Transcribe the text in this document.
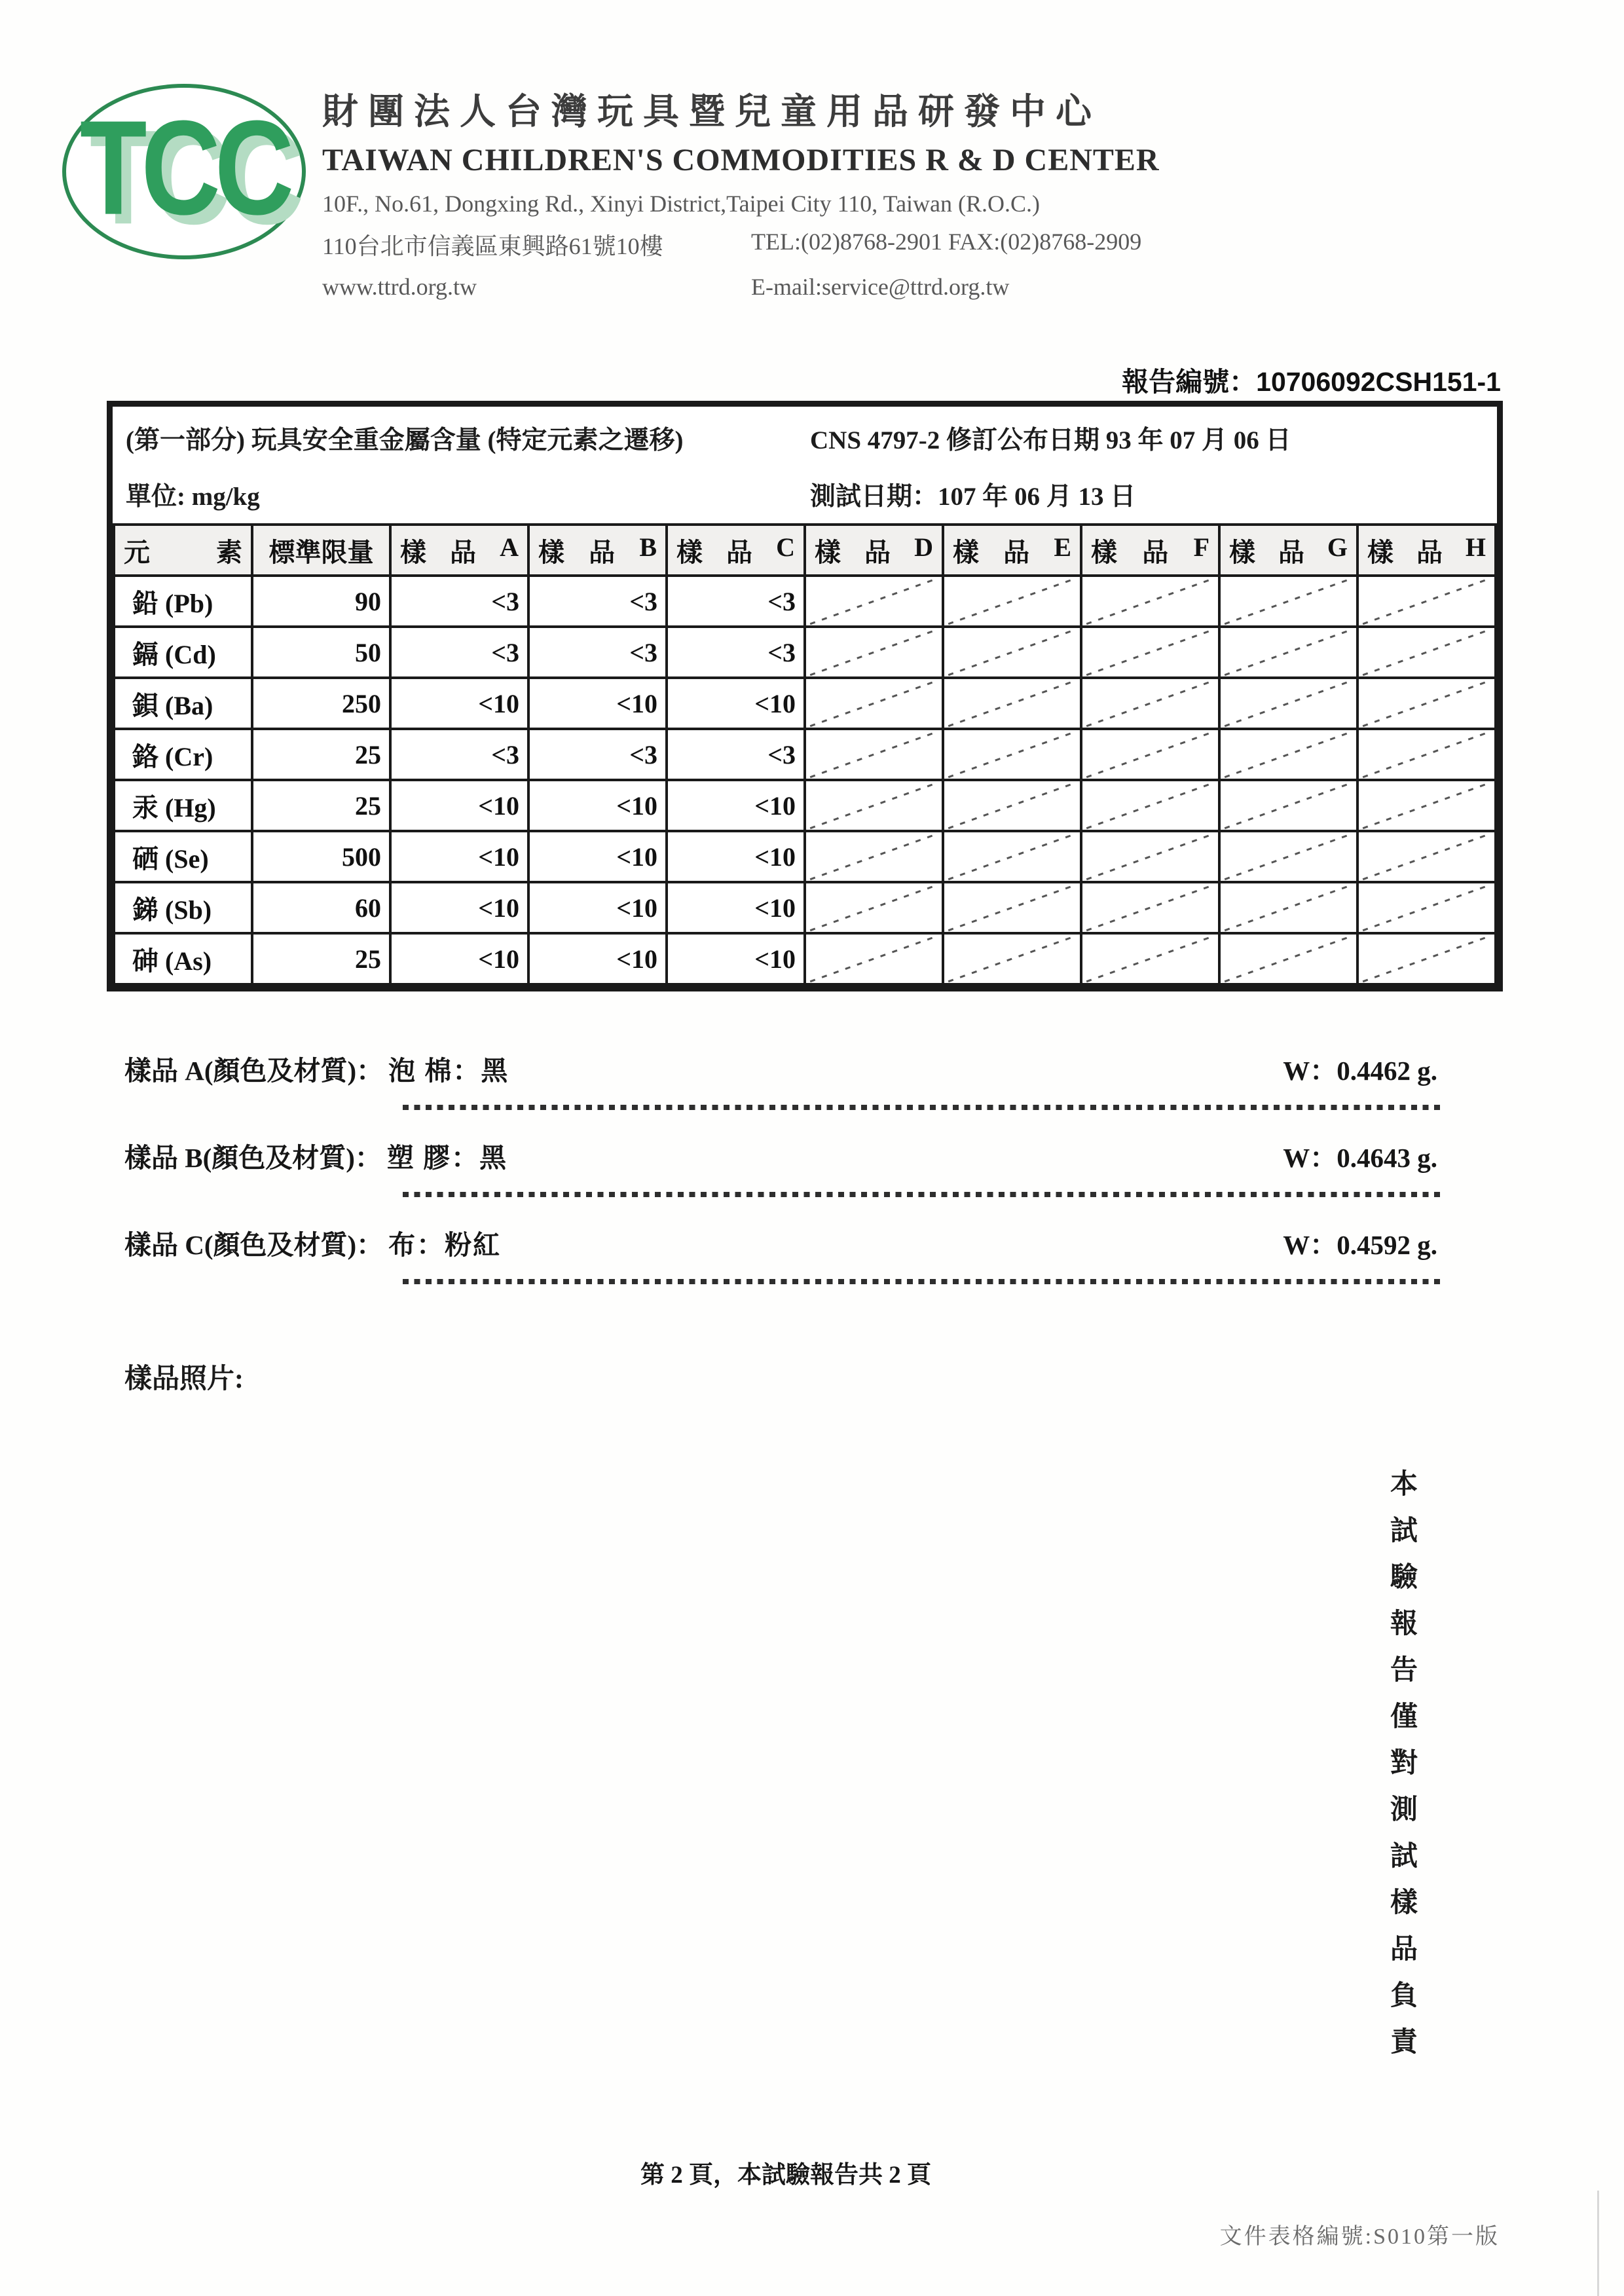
TCC 財團法人台灣玩具暨兒童用品研發中心
TAIWAN CHILDREN'S COMMODITIES R & D CENTER
10F., No.61, Dongxing Rd., Xinyi District,Taipei City 110, Taiwan (R.O.C.)
110台北市信義區東興路61號10樓	TEL:(02)8768-2901 FAX:(02)8768-2909
www.ttrd.org.tw	E-mail:service@ttrd.org.tw
報告編號：10706092CSH151-1
(第一部分) 玩具安全重金屬含量 (特定元素之遷移)	CNS 4797-2 修訂公布日期 93 年 07 月 06 日
單位: mg/kg	測試日期：107 年 06 月 13 日
元 素	標準限量	樣 品 A	樣 品 B	樣 品 C	樣 品 D	樣 品 E	樣 品 F	樣 品 G	樣 品 H

鉛 (Pb)	90	<3	<3	<3	

鎘 (Cd)	50	<3	<3	<3	

鋇 (Ba)	250	<10	<10	<10	

鉻 (Cr)	25	<3	<3	<3	

汞 (Hg)	25	<10	<10	<10	

硒 (Se)	500	<10	<10	<10	

銻 (Sb)	60	<10	<10	<10	

砷 (As)	25	<10	<10	<10	

樣品 A(顏色及材質)： 泡 棉：黑	W：0.4462 g.
樣品 B(顏色及材質)： 塑 膠：黑	W：0.4643 g.
樣品 C(顏色及材質)： 布：粉紅	W：0.4592 g.
樣品照片:
本試驗報告僅對測試樣品負責
第 2 頁，本試驗報告共 2 頁
文件表格編號:S010第一版
